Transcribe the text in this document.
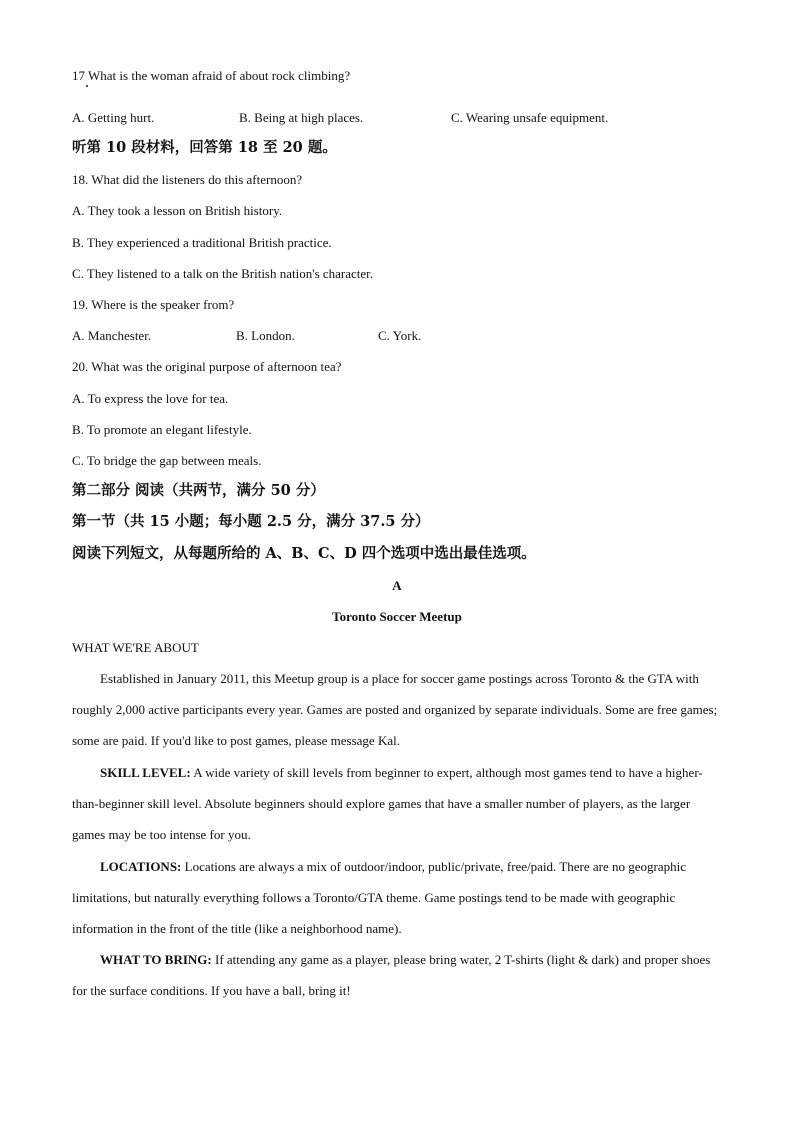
17 What is the woman afraid of about rock climbing?
A. Getting hurt.	B. Being at high places.	C. Wearing unsafe equipment.
听第 10 段材料，回答第 18 至 20 题。
18. What did the listeners do this afternoon?
A. They took a lesson on British history.
B. They experienced a traditional British practice.
C. They listened to a talk on the British nation's character.
19. Where is the speaker from?
A. Manchester.	B. London.	C. York.
20. What was the original purpose of afternoon tea?
A. To express the love for tea.
B. To promote an elegant lifestyle.
C. To bridge the gap between meals.
第二部分 阅读（共两节，满分 50 分）
第一节（共 15 小题；每小题 2.5 分，满分 37.5 分）
阅读下列短文，从每题所给的 A、B、C、D 四个选项中选出最佳选项。
A
Toronto Soccer Meetup
WHAT WE'RE ABOUT
Established in January 2011, this Meetup group is a place for soccer game postings across Toronto & the GTA with roughly 2,000 active participants every year. Games are posted and organized by separate individuals. Some are free games; some are paid. If you'd like to post games, please message Kal.
SKILL LEVEL: A wide variety of skill levels from beginner to expert, although most games tend to have a higher-than-beginner skill level. Absolute beginners should explore games that have a smaller number of players, as the larger games may be too intense for you.
LOCATIONS: Locations are always a mix of outdoor/indoor, public/private, free/paid. There are no geographic limitations, but naturally everything follows a Toronto/GTA theme. Game postings tend to be made with geographic information in the front of the title (like a neighborhood name).
WHAT TO BRING: If attending any game as a player, please bring water, 2 T-shirts (light & dark) and proper shoes for the surface conditions. If you have a ball, bring it!
